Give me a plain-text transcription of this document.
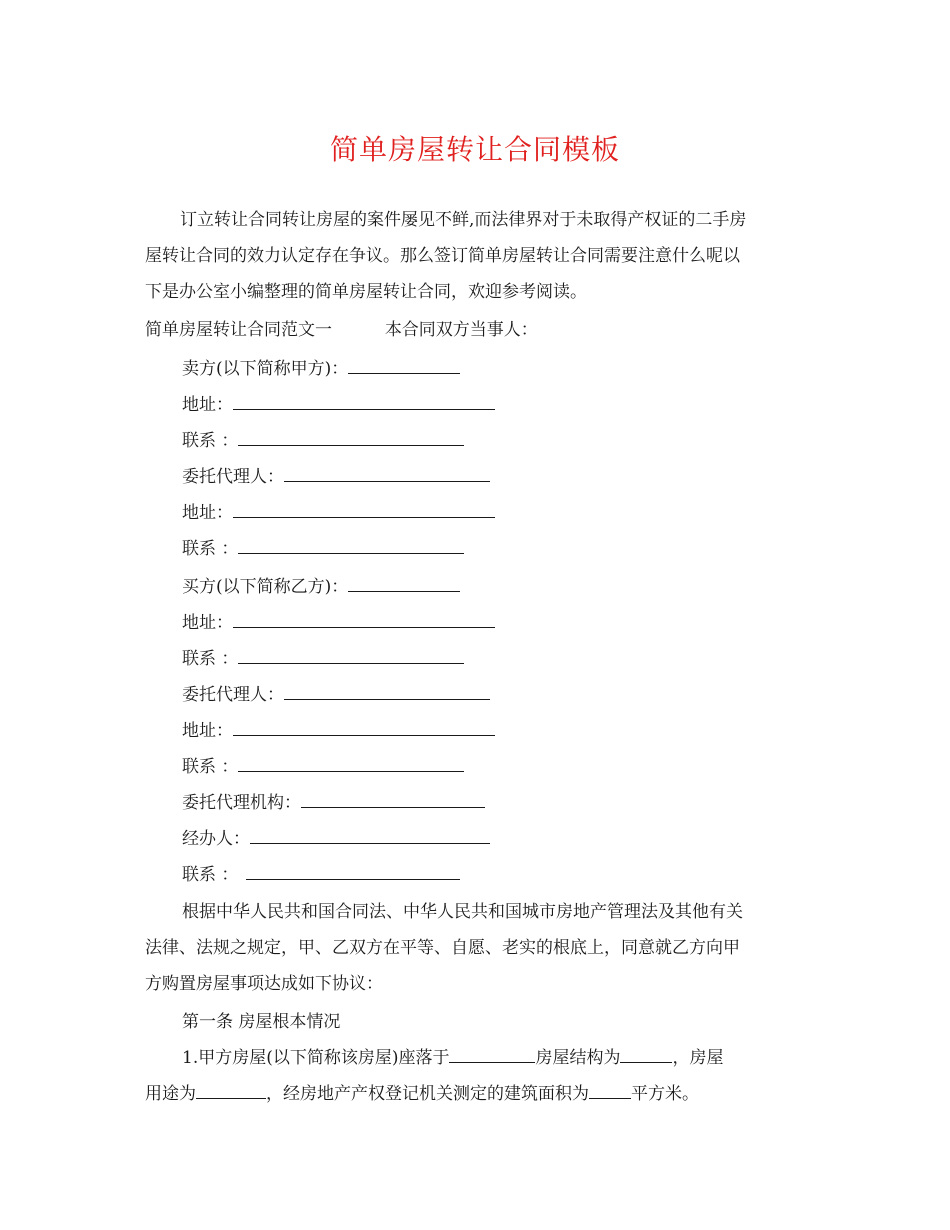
简单房屋转让合同模板
订立转让合同转让房屋的案件屡见不鲜,而法律界对于未取得产权证的二手房
屋转让合同的效力认定存在争议。那么签订简单房屋转让合同需要注意什么呢以
下是办公室小编整理的简单房屋转让合同，欢迎参考阅读。
简单房屋转让合同范文一	本合同双方当事人：
卖方(以下简称甲方)：
地址：
联系 ：
委托代理人：
地址：
联系 ：
买方(以下简称乙方)：
地址：
联系 ：
委托代理人：
地址：
联系 ：
委托代理机构：
经办人：
联系 ：
根据中华人民共和国合同法、中华人民共和国城市房地产管理法及其他有关
法律、法规之规定，甲、乙双方在平等、自愿、老实的根底上，同意就乙方向甲
方购置房屋事项达成如下协议：
第一条 房屋根本情况
1.甲方房屋(以下简称该房屋)座落于	房屋结构为	，房屋
用途为	，经房地产产权登记机关测定的建筑面积为 平方米。
